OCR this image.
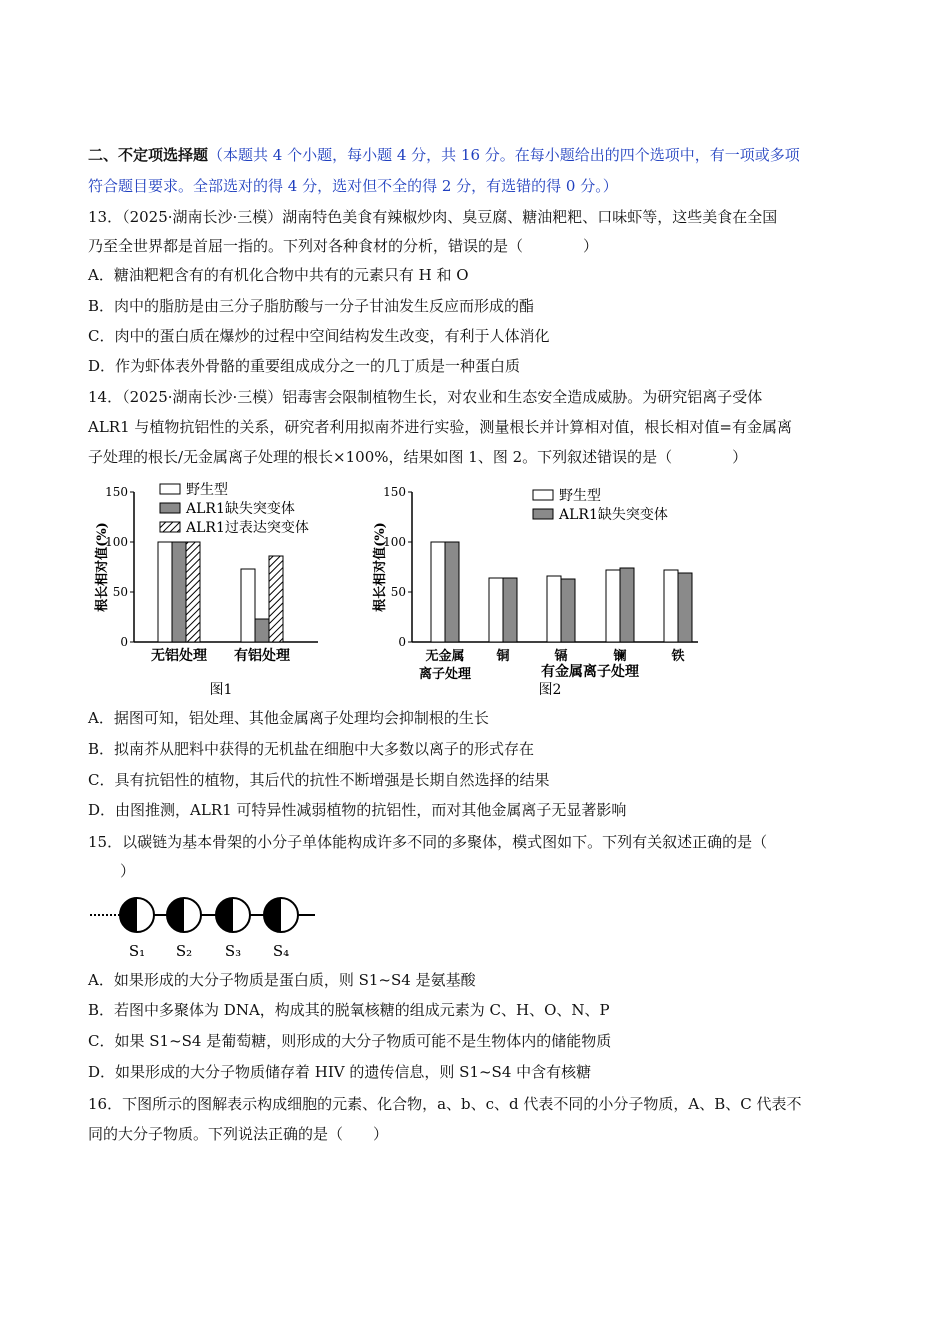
二、不定项选择题（本题共 4 个小题，每小题 4 分，共 16 分。在每小题给出的四个选项中，有一项或多项
符合题目要求。全部选对的得 4 分，选对但不全的得 2 分，有选错的得 0 分。）
13．（2025·湖南长沙·三模）湖南特色美食有辣椒炒肉、臭豆腐、糖油粑粑、口味虾等，这些美食在全国
乃至全世界都是首屈一指的。下列对各种食材的分析，错误的是（　　　　）
A．糖油粑粑含有的有机化合物中共有的元素只有 H 和 O
B．肉中的脂肪是由三分子脂肪酸与一分子甘油发生反应而形成的酯
C．肉中的蛋白质在爆炒的过程中空间结构发生改变，有利于人体消化
D．作为虾体表外骨骼的重要组成成分之一的几丁质是一种蛋白质
14．（2025·湖南长沙·三模）铝毒害会限制植物生长，对农业和生态安全造成威胁。为研究铝离子受体
ALR1 与植物抗铝性的关系，研究者利用拟南芥进行实验，测量根长并计算相对值，根长相对值=有金属离
子处理的根长/无金属离子处理的根长×100%，结果如图 1、图 2。下列叙述错误的是（　　　　）
0
50
100
150
根长相对值(%)
无铝处理 有铝处理
野生型
ALR1缺失突变体
ALR1过表达突变体
图1
0
50
100
150
根长相对值(%)
无金属
离子处理
铜	镉	镧	铁
野生型
ALR1缺失突变体
有金属离子处理
图2
A．据图可知，铝处理、其他金属离子处理均会抑制根的生长
B．拟南芥从肥料中获得的无机盐在细胞中大多数以离子的形式存在
C．具有抗铝性的植物，其后代的抗性不断增强是长期自然选择的结果
D．由图推测，ALR1 可特异性减弱植物的抗铝性，而对其他金属离子无显著影响
15．以碳链为基本骨架的小分子单体能构成许多不同的多聚体，模式图如下。下列有关叙述正确的是（
）
S₁ S₂ S₃ S₄
A．如果形成的大分子物质是蛋白质，则 S1~S4 是氨基酸
B．若图中多聚体为 DNA，构成其的脱氧核糖的组成元素为 C、H、O、N、P
C．如果 S1~S4 是葡萄糖，则形成的大分子物质可能不是生物体内的储能物质
D．如果形成的大分子物质储存着 HIV 的遗传信息，则 S1~S4 中含有核糖
16．下图所示的图解表示构成细胞的元素、化合物，a、b、c、d 代表不同的小分子物质，A、B、C 代表不
同的大分子物质。下列说法正确的是（　　）
